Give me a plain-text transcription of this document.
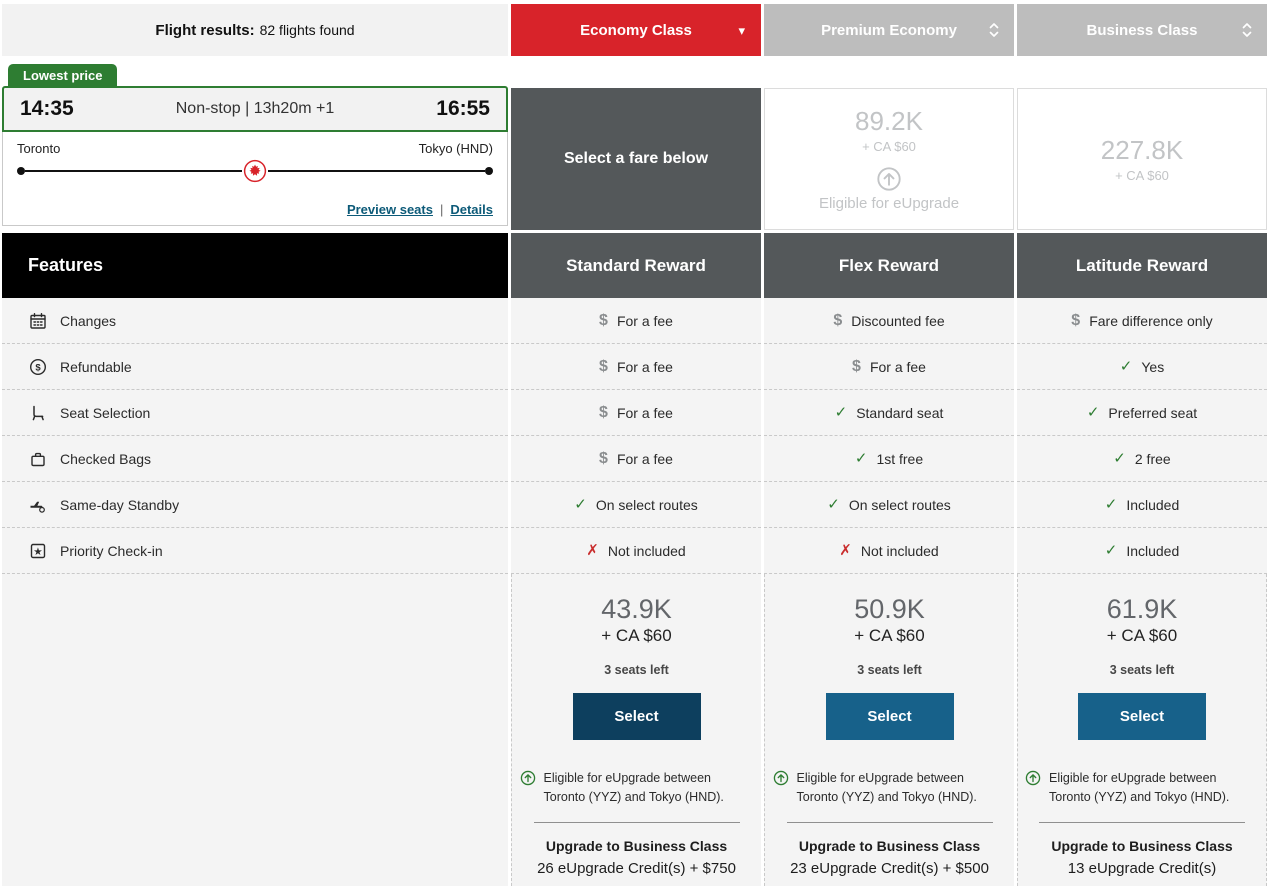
Flight results: 82 flights found	Economy Class	▾	Premium Economy	Business Class
Lowest price
14:35	Non-stop | 13h20m +1	16:55
Toronto	Tokyo (HND)
Preview seats | Details
Select a fare below
89.2K
+ CA $60
Eligible for eUpgrade
227.8K
+ CA $60
Features	Standard Reward	Flex Reward	Latitude Reward
Changes	$ For a fee	$ Discounted fee	$ Fare difference only
$ Refundable	$ For a fee	$ For a fee	✓ Yes
Seat Selection	$ For a fee	✓ Standard seat	✓ Preferred seat
Checked Bags	$ For a fee	✓ 1st free	✓ 2 free
Same-day Standby	✓ On select routes	✓ On select routes	✓ Included
★ Priority Check-in	✗ Not included	✗ Not included	✓ Included
43.9K
+ CA $60
3 seats left
Select
Eligible for eUpgrade between Toronto (YYZ) and Tokyo (HND).
Upgrade to Business Class
26 eUpgrade Credit(s) + $750
50.9K
+ CA $60
3 seats left
Select
Eligible for eUpgrade between Toronto (YYZ) and Tokyo (HND).
Upgrade to Business Class
23 eUpgrade Credit(s) + $500
61.9K
+ CA $60
3 seats left
Select
Eligible for eUpgrade between Toronto (YYZ) and Tokyo (HND).
Upgrade to Business Class
13 eUpgrade Credit(s)
